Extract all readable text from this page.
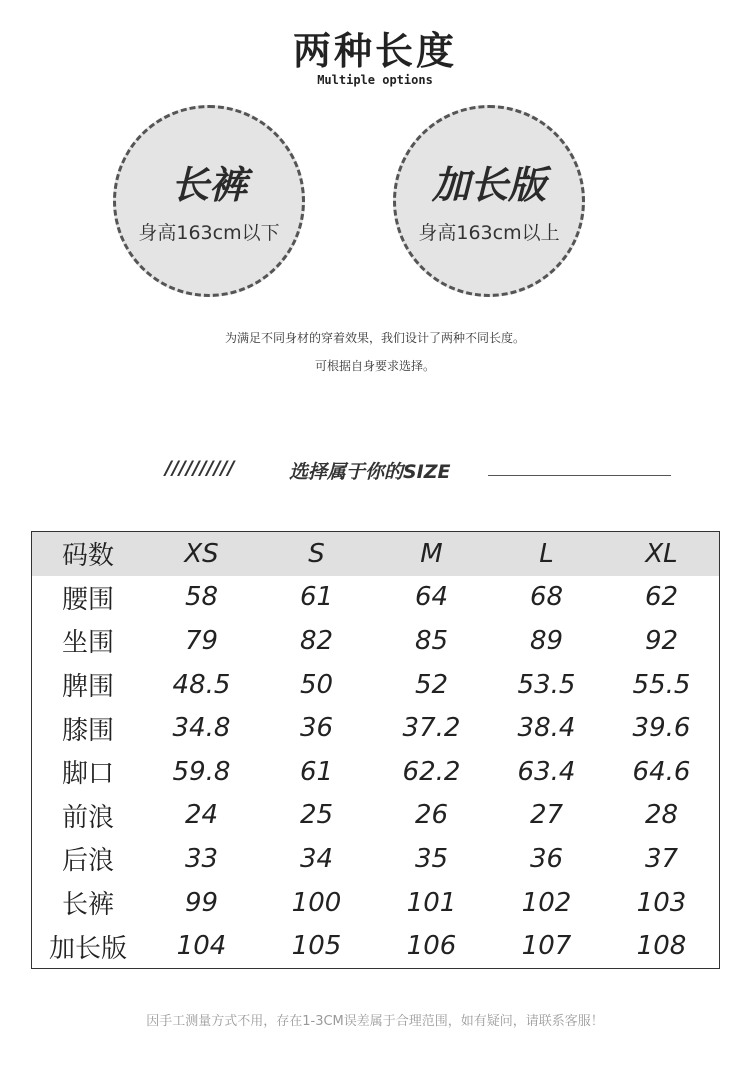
两种长度
Multiple options
长裤
身高163cm以下
加长版
身高163cm以上
为满足不同身材的穿着效果，我们设计了两种不同长度。
可根据自身要求选择。
//////////	选择属于你的SIZE
码数	XS	S	M	L	XL
腰围	58	61	64	68	62
坐围	79	82	85	89	92
脾围	48.5	50	52	53.5	55.5
膝围	34.8	36	37.2	38.4	39.6
脚口	59.8	61	62.2	63.4	64.6
前浪	24	25	26	27	28
后浪	33	34	35	36	37
长裤	99	100	101	102	103
加长版	104	105	106	107	108
因手工测量方式不用，存在1-3CM误差属于合理范围，如有疑问，请联系客服！
